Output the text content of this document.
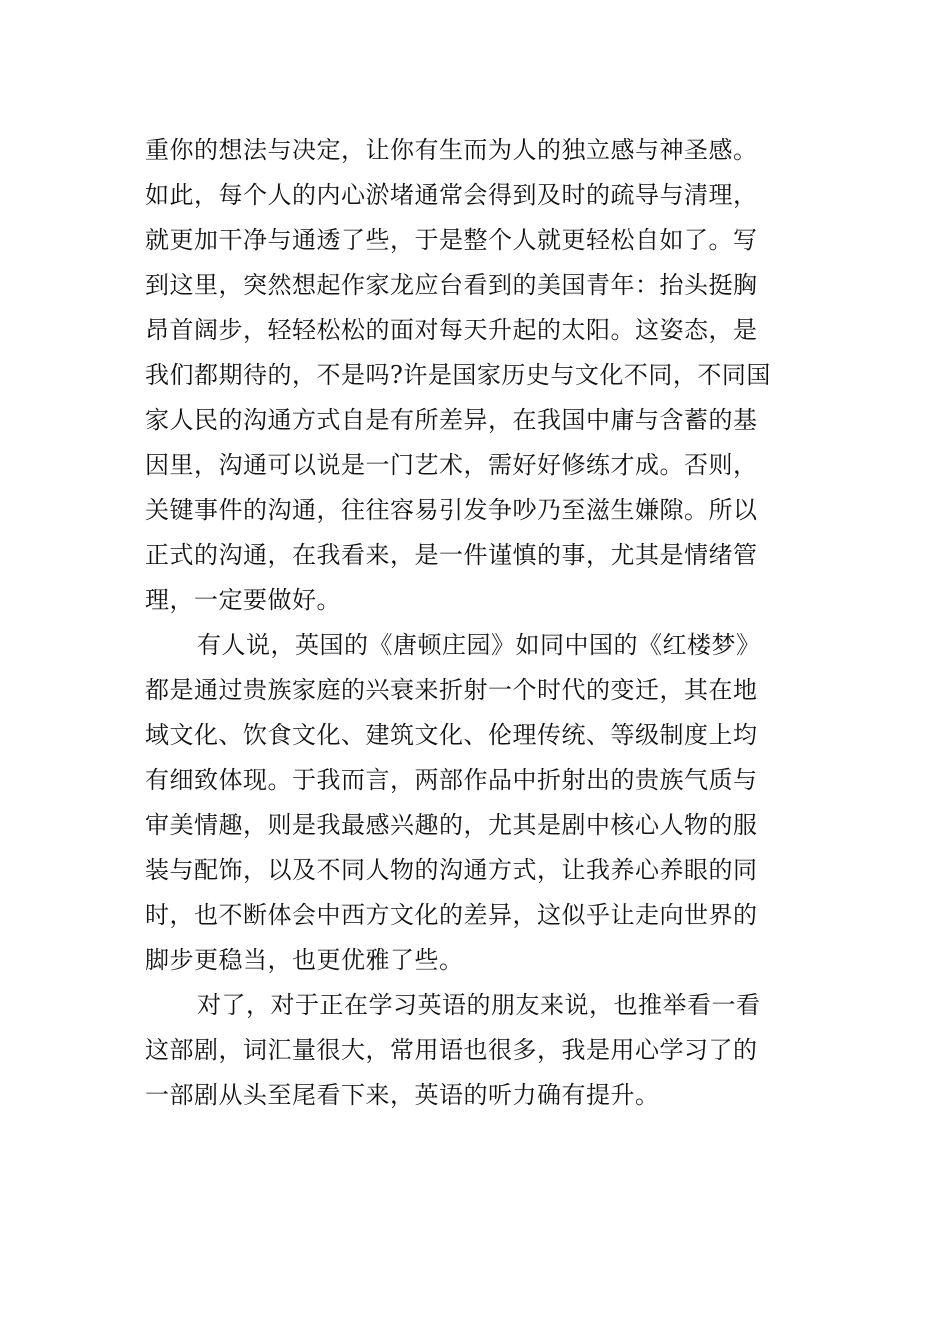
重你的想法与决定，让你有生而为人的独立感与神圣感。
如此，每个人的内心淤堵通常会得到及时的疏导与清理，
就更加干净与通透了些，于是整个人就更轻松自如了。写
到这里，突然想起作家龙应台看到的美国青年：抬头挺胸
昂首阔步，轻轻松松的面对每天升起的太阳。这姿态，是
我们都期待的，不是吗?许是国家历史与文化不同，不同国
家人民的沟通方式自是有所差异，在我国中庸与含蓄的基
因里，沟通可以说是一门艺术，需好好修练才成。否则，
关键事件的沟通，往往容易引发争吵乃至滋生嫌隙。所以
正式的沟通，在我看来，是一件谨慎的事，尤其是情绪管
理，一定要做好。
有人说，英国的《唐顿庄园》如同中国的《红楼梦》
都是通过贵族家庭的兴衰来折射一个时代的变迁，其在地
域文化、饮食文化、建筑文化、伦理传统、等级制度上均
有细致体现。于我而言，两部作品中折射出的贵族气质与
审美情趣，则是我最感兴趣的，尤其是剧中核心人物的服
装与配饰，以及不同人物的沟通方式，让我养心养眼的同
时，也不断体会中西方文化的差异，这似乎让走向世界的
脚步更稳当，也更优雅了些。
对了，对于正在学习英语的朋友来说，也推举看一看
这部剧，词汇量很大，常用语也很多，我是用心学习了的
一部剧从头至尾看下来，英语的听力确有提升。
